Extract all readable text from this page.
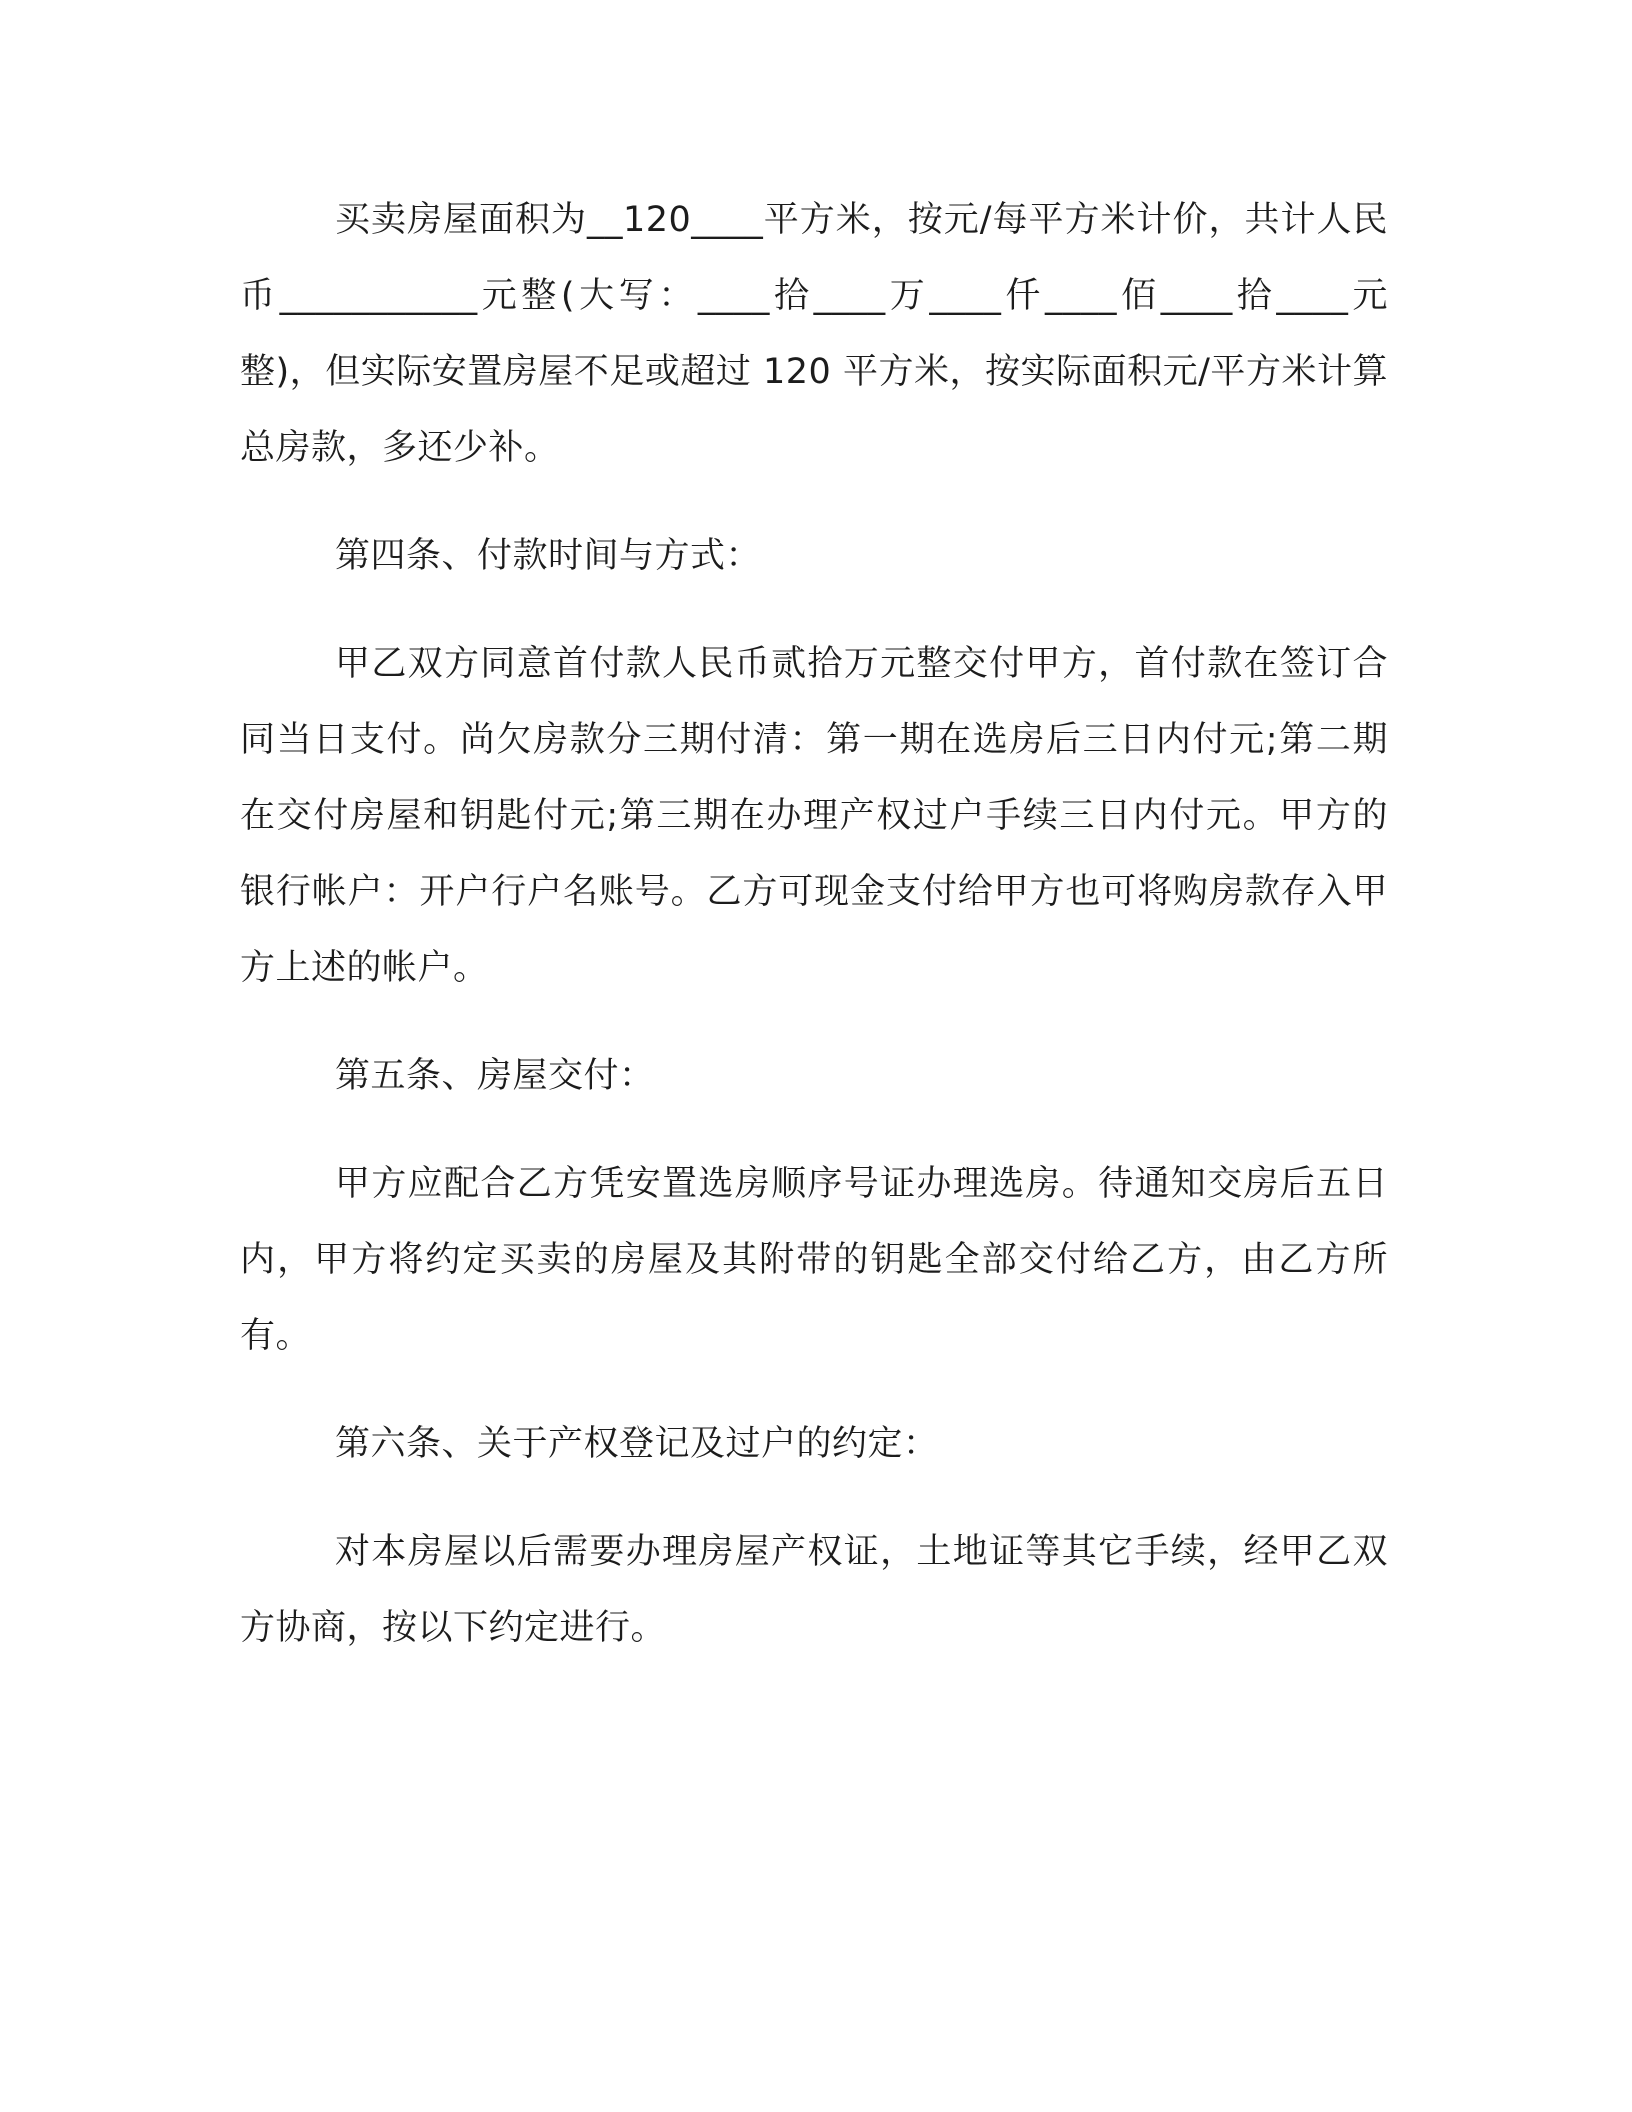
买卖房屋面积为__120____平方米，按元/每平方米计价，共计人民币___________元整(大写：____拾____万____仟____佰____拾____元整)，但实际安置房屋不足或超过 120 平方米，按实际面积元/平方米计算总房款，多还少补。

第四条、付款时间与方式：

甲乙双方同意首付款人民币贰拾万元整交付甲方，首付款在签订合同当日支付。尚欠房款分三期付清：第一期在选房后三日内付元;第二期在交付房屋和钥匙付元;第三期在办理产权过户手续三日内付元。甲方的银行帐户：开户行户名账号。乙方可现金支付给甲方也可将购房款存入甲方上述的帐户。

第五条、房屋交付：

甲方应配合乙方凭安置选房顺序号证办理选房。待通知交房后五日内，甲方将约定买卖的房屋及其附带的钥匙全部交付给乙方，由乙方所有。

第六条、关于产权登记及过户的约定：

对本房屋以后需要办理房屋产权证，土地证等其它手续，经甲乙双方协商，按以下约定进行。
